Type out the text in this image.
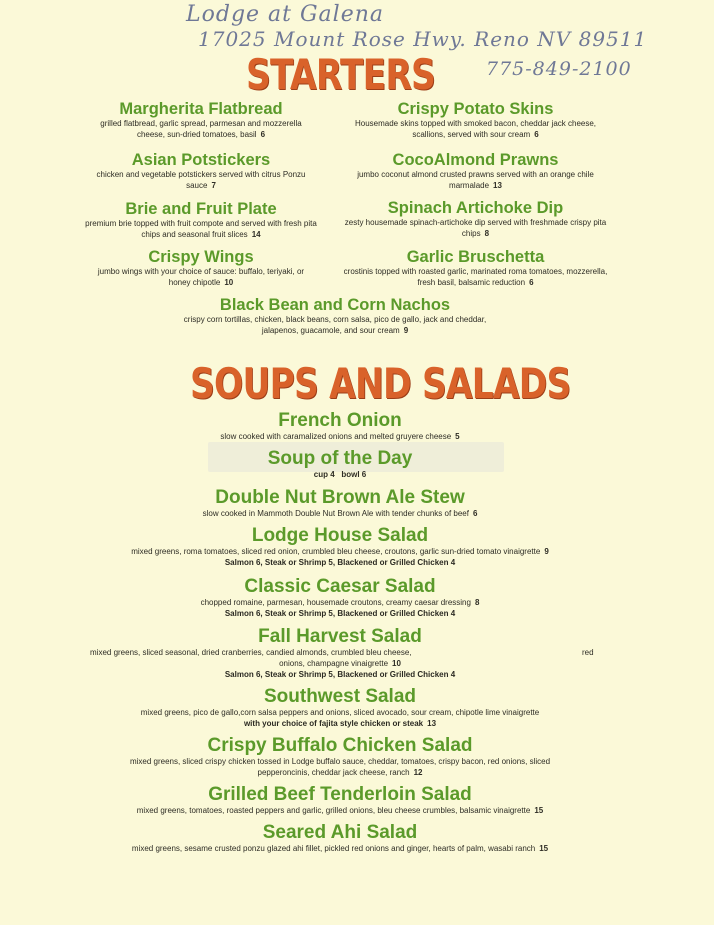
Lodge at Galena
17025 Mount Rose Hwy. Reno NV 89511
775-849-2100
STARTERS
Margherita Flatbread
grilled flatbread, garlic spread, parmesan and mozzerella cheese, sun-dried tomatoes, basil 6
Crispy Potato Skins
Housemade skins topped with smoked bacon, cheddar jack cheese, scallions, served with sour cream 6
Asian Potstickers
chicken and vegetable potstickers served with citrus Ponzu sauce 7
CocoAlmond Prawns
jumbo coconut almond crusted prawns served with an orange chile marmalade 13
Brie and Fruit Plate
premium brie topped with fruit compote and served with fresh pita chips and seasonal fruit slices 14
Spinach Artichoke Dip
zesty housemade spinach-artichoke dip served with freshmade crispy pita chips 8
Crispy Wings
jumbo wings with your choice of sauce: buffalo, teriyaki, or honey chipotle 10
Garlic Bruschetta
crostinis topped with roasted garlic, marinated roma tomatoes, mozzerella, fresh basil, balsamic reduction 6
Black Bean and Corn Nachos
crispy corn tortillas, chicken, black beans, corn salsa, pico de gallo, jack and cheddar, jalapenos, guacamole, and sour cream 9
SOUPS AND SALADS
French Onion
slow cooked with caramalized onions and melted gruyere cheese 5
Soup of the Day
cup 4   bowl 6
Double Nut Brown Ale Stew
slow cooked in Mammoth Double Nut Brown Ale with tender chunks of beef 6
Lodge House Salad
mixed greens, roma tomatoes, sliced red onion, crumbled bleu cheese, croutons, garlic sun-dried tomato vinaigrette 9
Salmon 6, Steak or Shrimp 5, Blackened or Grilled Chicken 4
Classic Caesar Salad
chopped romaine, parmesan, housemade croutons, creamy caesar dressing 8
Salmon 6, Steak or Shrimp 5, Blackened or Grilled Chicken 4
Fall Harvest Salad
mixed greens, sliced seasonal, dried cranberries, candied almonds, crumbled bleu cheese,	red
onions, champagne vinaigrette 10
Salmon 6, Steak or Shrimp 5, Blackened or Grilled Chicken 4
Southwest Salad
mixed greens, pico de gallo,corn salsa peppers and onions, sliced avocado, sour cream, chipotle lime vinaigrette
with your choice of fajita style chicken or steak 13
Crispy Buffalo Chicken Salad
mixed greens, sliced crispy chicken tossed in Lodge buffalo sauce, cheddar, tomatoes, crispy bacon, red onions, sliced pepperoncinis, cheddar jack cheese, ranch 12
Grilled Beef Tenderloin Salad
mixed greens, tomatoes, roasted peppers and garlic, grilled onions, bleu cheese crumbles, balsamic vinaigrette 15
Seared Ahi Salad
mixed greens, sesame crusted ponzu glazed ahi fillet, pickled red onions and ginger, hearts of palm, wasabi ranch 15
